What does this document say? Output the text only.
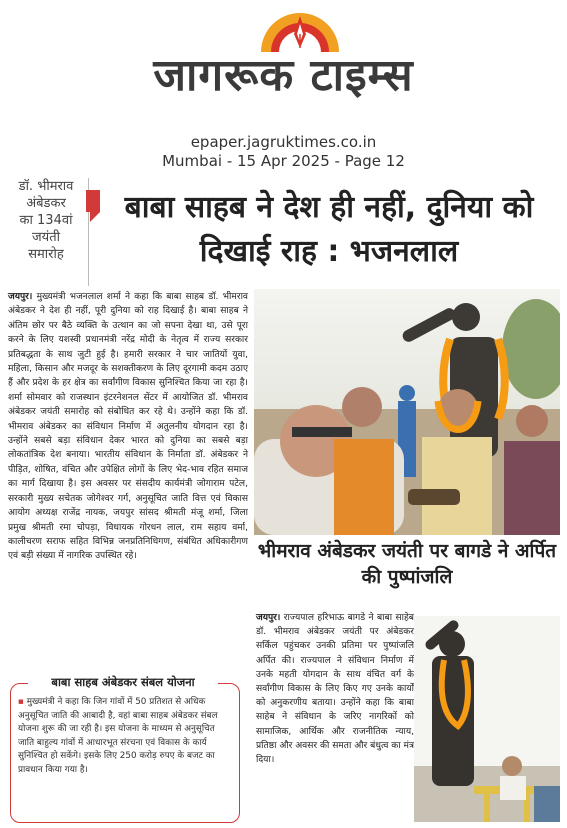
जागरूक टाइम्स
epaper.jagruktimes.co.in
Mumbai - 15 Apr 2025 - Page 12
डॉ. भीमराव
अंबेडकर
का 134वां
जयंती
समारोह
बाबा साहब ने देश ही नहीं, दुनिया को दिखाई राह : भजनलाल
जयपुर। मुख्यमंत्री भजनलाल शर्मा ने कहा कि बाबा साहब डॉ. भीमराव अंबेडकर ने देश ही नहीं, पूरी दुनिया को राह दिखाई है। बाबा साहब ने अंतिम छोर पर बैठे व्यक्ति के उत्थान का जो सपना देखा था, उसे पूरा करने के लिए यशस्वी प्रधानमंत्री नरेंद्र मोदी के नेतृत्व में राज्य सरकार प्रतिबद्धता के साथ जुटी हुई है। हमारी सरकार ने चार जातियों युवा, महिला, किसान और मजदूर के सशक्तीकरण के लिए दूरगामी कदम उठाए हैं और प्रदेश के हर क्षेत्र का सर्वांगीण विकास सुनिश्चित किया जा रहा है। शर्मा सोमवार को राजस्थान इंटरनेशनल सेंटर में आयोजित डॉ. भीमराव अंबेडकर जयंती समारोह को संबोधित कर रहे थे। उन्होंने कहा कि डॉ. भीमराव अंबेडकर का संविधान निर्माण में अतुलनीय योगदान रहा है। उन्होंने सबसे बड़ा संविधान देकर भारत को दुनिया का सबसे बड़ा लोकतांत्रिक देश बनाया। भारतीय संविधान के निर्माता डॉ. अंबेडकर ने पीड़ित, शोषित, वंचित और उपेक्षित लोगों के लिए भेद-भाव रहित समाज का मार्ग दिखाया है। इस अवसर पर संसदीय कार्यमंत्री जोगाराम पटेल, सरकारी मुख्य सचेतक जोगेश्वर गर्ग, अनुसूचित जाति वित्त एवं विकास आयोग अध्यक्ष राजेंद्र नायक, जयपुर सांसद श्रीमती मंजू शर्मा, जिला प्रमुख श्रीमती रमा चोपड़ा, विधायक गोरधन लाल, राम सहाय वर्मा, कालीचरण सराफ सहित विभिन्न जनप्रतिनिधिगण, संबंधित अधिकारीगण एवं बड़ी संख्या में नागरिक उपस्थित रहे।	भीमराव अंबेडकर जयंती पर बागडे ने अर्पित की पुष्पांजलि
जयपुर। राज्यपाल हरिभाऊ बागडे ने बाबा साहेब डॉ. भीमराव अंबेडकर जयंती पर अंबेडकर सर्किल पहुंचकर उनकी प्रतिमा पर पुष्पांजलि अर्पित की। राज्यपाल ने संविधान निर्माण में उनके महती योगदान के साथ वंचित वर्ग के सर्वांगीण विकास के लिए किए गए उनके कार्यों को अनुकरणीय बताया। उन्होंने कहा कि बाबा साहेब ने संविधान के जरिए नागरिकों को सामाजिक, आर्थिक और राजनीतिक न्याय, प्रतिष्ठा और अवसर की समता और बंधुत्व का मंत्र दिया।
बाबा साहब अंबेडकर संबल योजना
▪ मुख्यमंत्री ने कहा कि जिन गांवों में 50 प्रतिशत से अधिक अनुसूचित जाति की आबादी है, वहां बाबा साहब अंबेडकर संबल योजना शुरू की जा रही है। इस योजना के माध्यम से अनुसूचित जाति बाहुल्य गांवों में आधारभूत संरचना एवं विकास के कार्य सुनिश्चित हो सकेंगे। इसके लिए 250 करोड़ रुपए के बजट का प्रावधान किया गया है।
